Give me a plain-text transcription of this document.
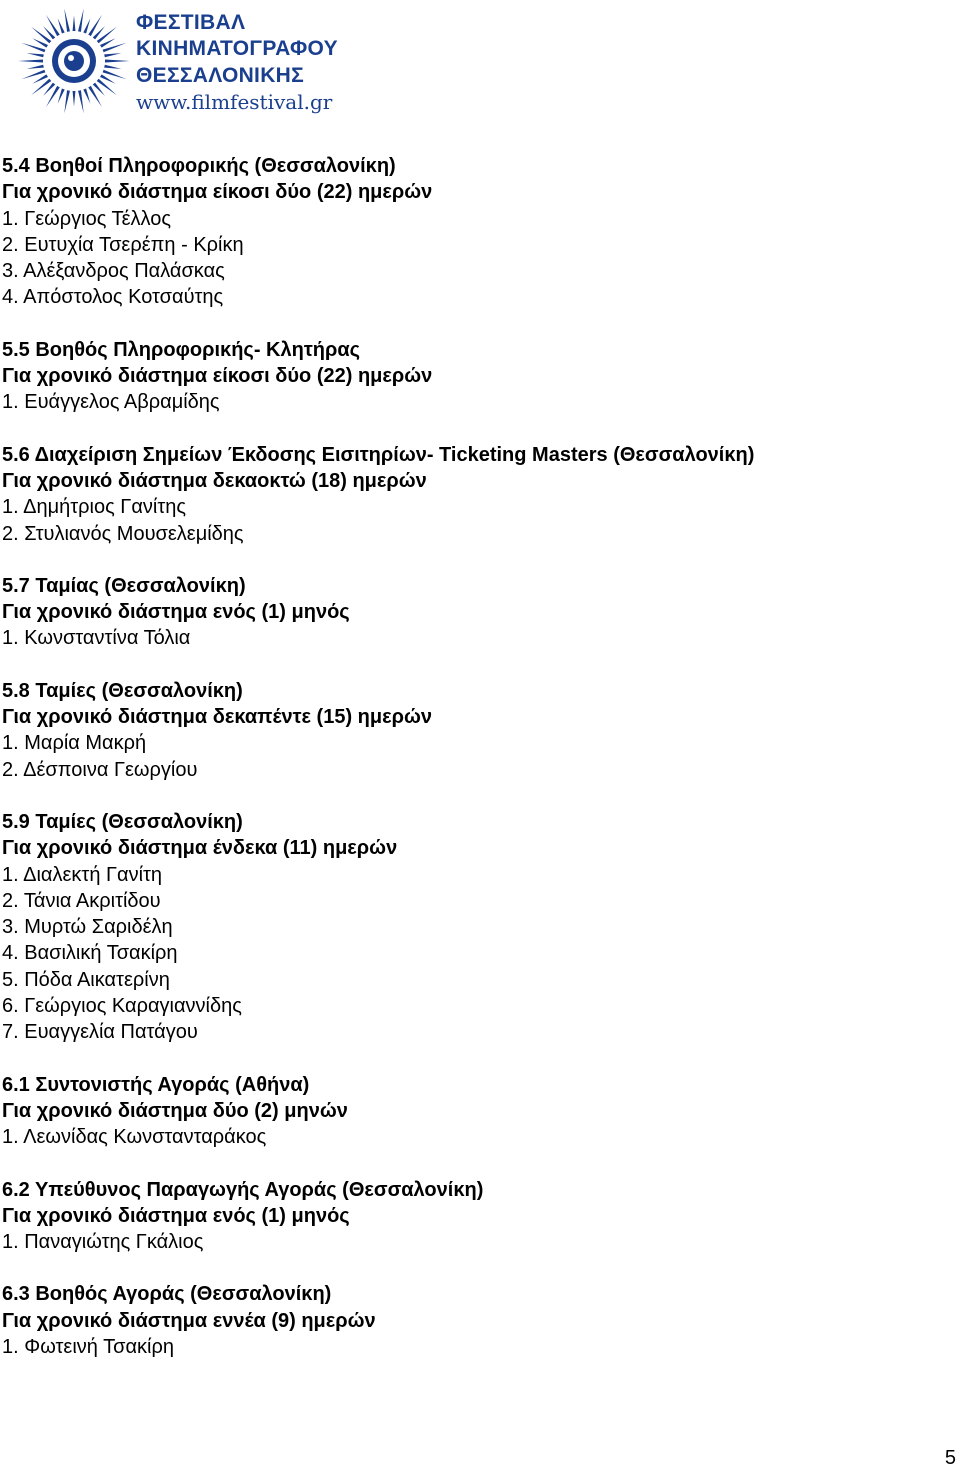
ΦΕΣΤΙΒΑΛ
ΚΙΝΗΜΑΤΟΓΡΑΦΟΥ
ΘΕΣΣΑΛΟΝΙΚΗΣ
www.filmfestival.gr
5.4 Βοηθοί Πληροφορικής (Θεσσαλονίκη)
Για χρονικό διάστημα είκοσι δύο (22) ημερών
1. Γεώργιος Τέλλος
2. Ευτυχία Τσερέπη - Κρίκη
3. Αλέξανδρος Παλάσκας
4. Απόστολος Κοτσαύτης
5.5 Βοηθός Πληροφορικής- Κλητήρας
Για χρονικό διάστημα είκοσι δύο (22) ημερών
1. Ευάγγελος Αβραμίδης
5.6 Διαχείριση Σημείων Έκδοσης Εισιτηρίων- Ticketing Masters (Θεσσαλονίκη)
Για χρονικό διάστημα δεκαοκτώ (18) ημερών
1. Δημήτριος Γανίτης
2. Στυλιανός Μουσελεμίδης
5.7 Ταμίας (Θεσσαλονίκη)
Για χρονικό διάστημα ενός (1) μηνός
1. Κωνσταντίνα Τόλια
5.8 Ταμίες (Θεσσαλονίκη)
Για χρονικό διάστημα δεκαπέντε (15) ημερών
1. Μαρία Μακρή
2. Δέσποινα Γεωργίου
5.9 Ταμίες (Θεσσαλονίκη)
Για χρονικό διάστημα ένδεκα (11) ημερών
1. Διαλεκτή Γανίτη
2. Τάνια Ακριτίδου
3. Μυρτώ Σαριδέλη
4. Βασιλική Τσακίρη
5. Πόδα Αικατερίνη
6. Γεώργιος Καραγιαννίδης
7. Ευαγγελία Πατάγου
6.1 Συντονιστής Αγοράς (Αθήνα)
Για χρονικό διάστημα δύο (2) μηνών
1. Λεωνίδας Κωνστανταράκος
6.2 Υπεύθυνος Παραγωγής Αγοράς (Θεσσαλονίκη)
Για χρονικό διάστημα ενός (1) μηνός
1. Παναγιώτης Γκάλιος
6.3 Βοηθός Αγοράς (Θεσσαλονίκη)
Για χρονικό διάστημα εννέα (9) ημερών
1. Φωτεινή Τσακίρη
5
